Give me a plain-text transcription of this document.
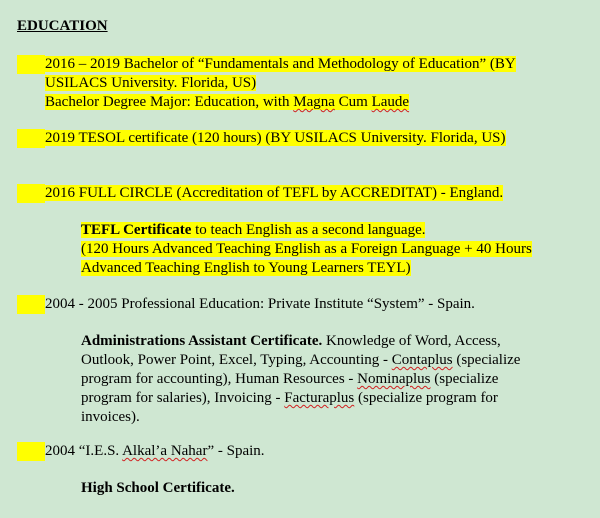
EDUCATION
2016 – 2019 Bachelor of “Fundamentals and Methodology of Education” (BY
USILACS University. Florida, US)
Bachelor Degree Major: Education, with Magna Cum Laude
2019 TESOL certificate (120 hours) (BY USILACS University. Florida, US)
2016 FULL CIRCLE (Accreditation of TEFL by ACCREDITAT) - England.
TEFL Certificate to teach English as a second language.
(120 Hours Advanced Teaching English as a Foreign Language + 40 Hours
Advanced Teaching English to Young Learners TEYL)
2004 - 2005 Professional Education: Private Institute “System” - Spain.
Administrations Assistant Certificate. Knowledge of Word, Access,
Outlook, Power Point, Excel, Typing, Accounting - Contaplus (specialize
program for accounting), Human Resources - Nominaplus (specialize
program for salaries), Invoicing - Facturaplus (specialize program for
invoices).
2004 “I.E.S. Alkal’a Nahar” - Spain.
High School Certificate.
